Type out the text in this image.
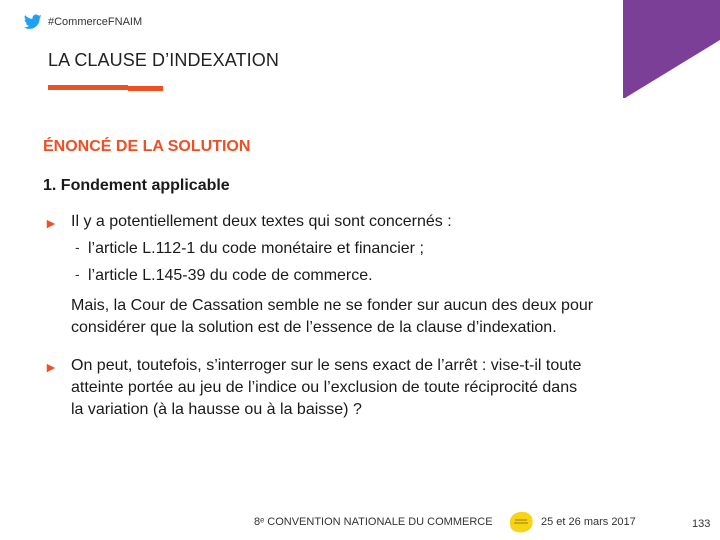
#CommerceFNAIM
LA CLAUSE D’INDEXATION
ÉNONCÉ DE LA SOLUTION
1. Fondement applicable
► Il y a potentiellement deux textes qui sont concernés :
- l’article L.112-1 du code monétaire et financier ;
- l’article L.145-39 du code de commerce.
Mais, la Cour de Cassation semble ne se fonder sur aucun des deux pour
considérer que la solution est de l’essence de la clause d’indexation.
► On peut, toutefois, s’interroger sur le sens exact de l’arrêt : vise-t-il toute
atteinte portée au jeu de l’indice ou l’exclusion de toute réciprocité dans
la variation (à la hausse ou à la baisse) ?
8ᵉ CONVENTION NATIONALE DU COMMERCE	25 et 26 mars 2017	133
